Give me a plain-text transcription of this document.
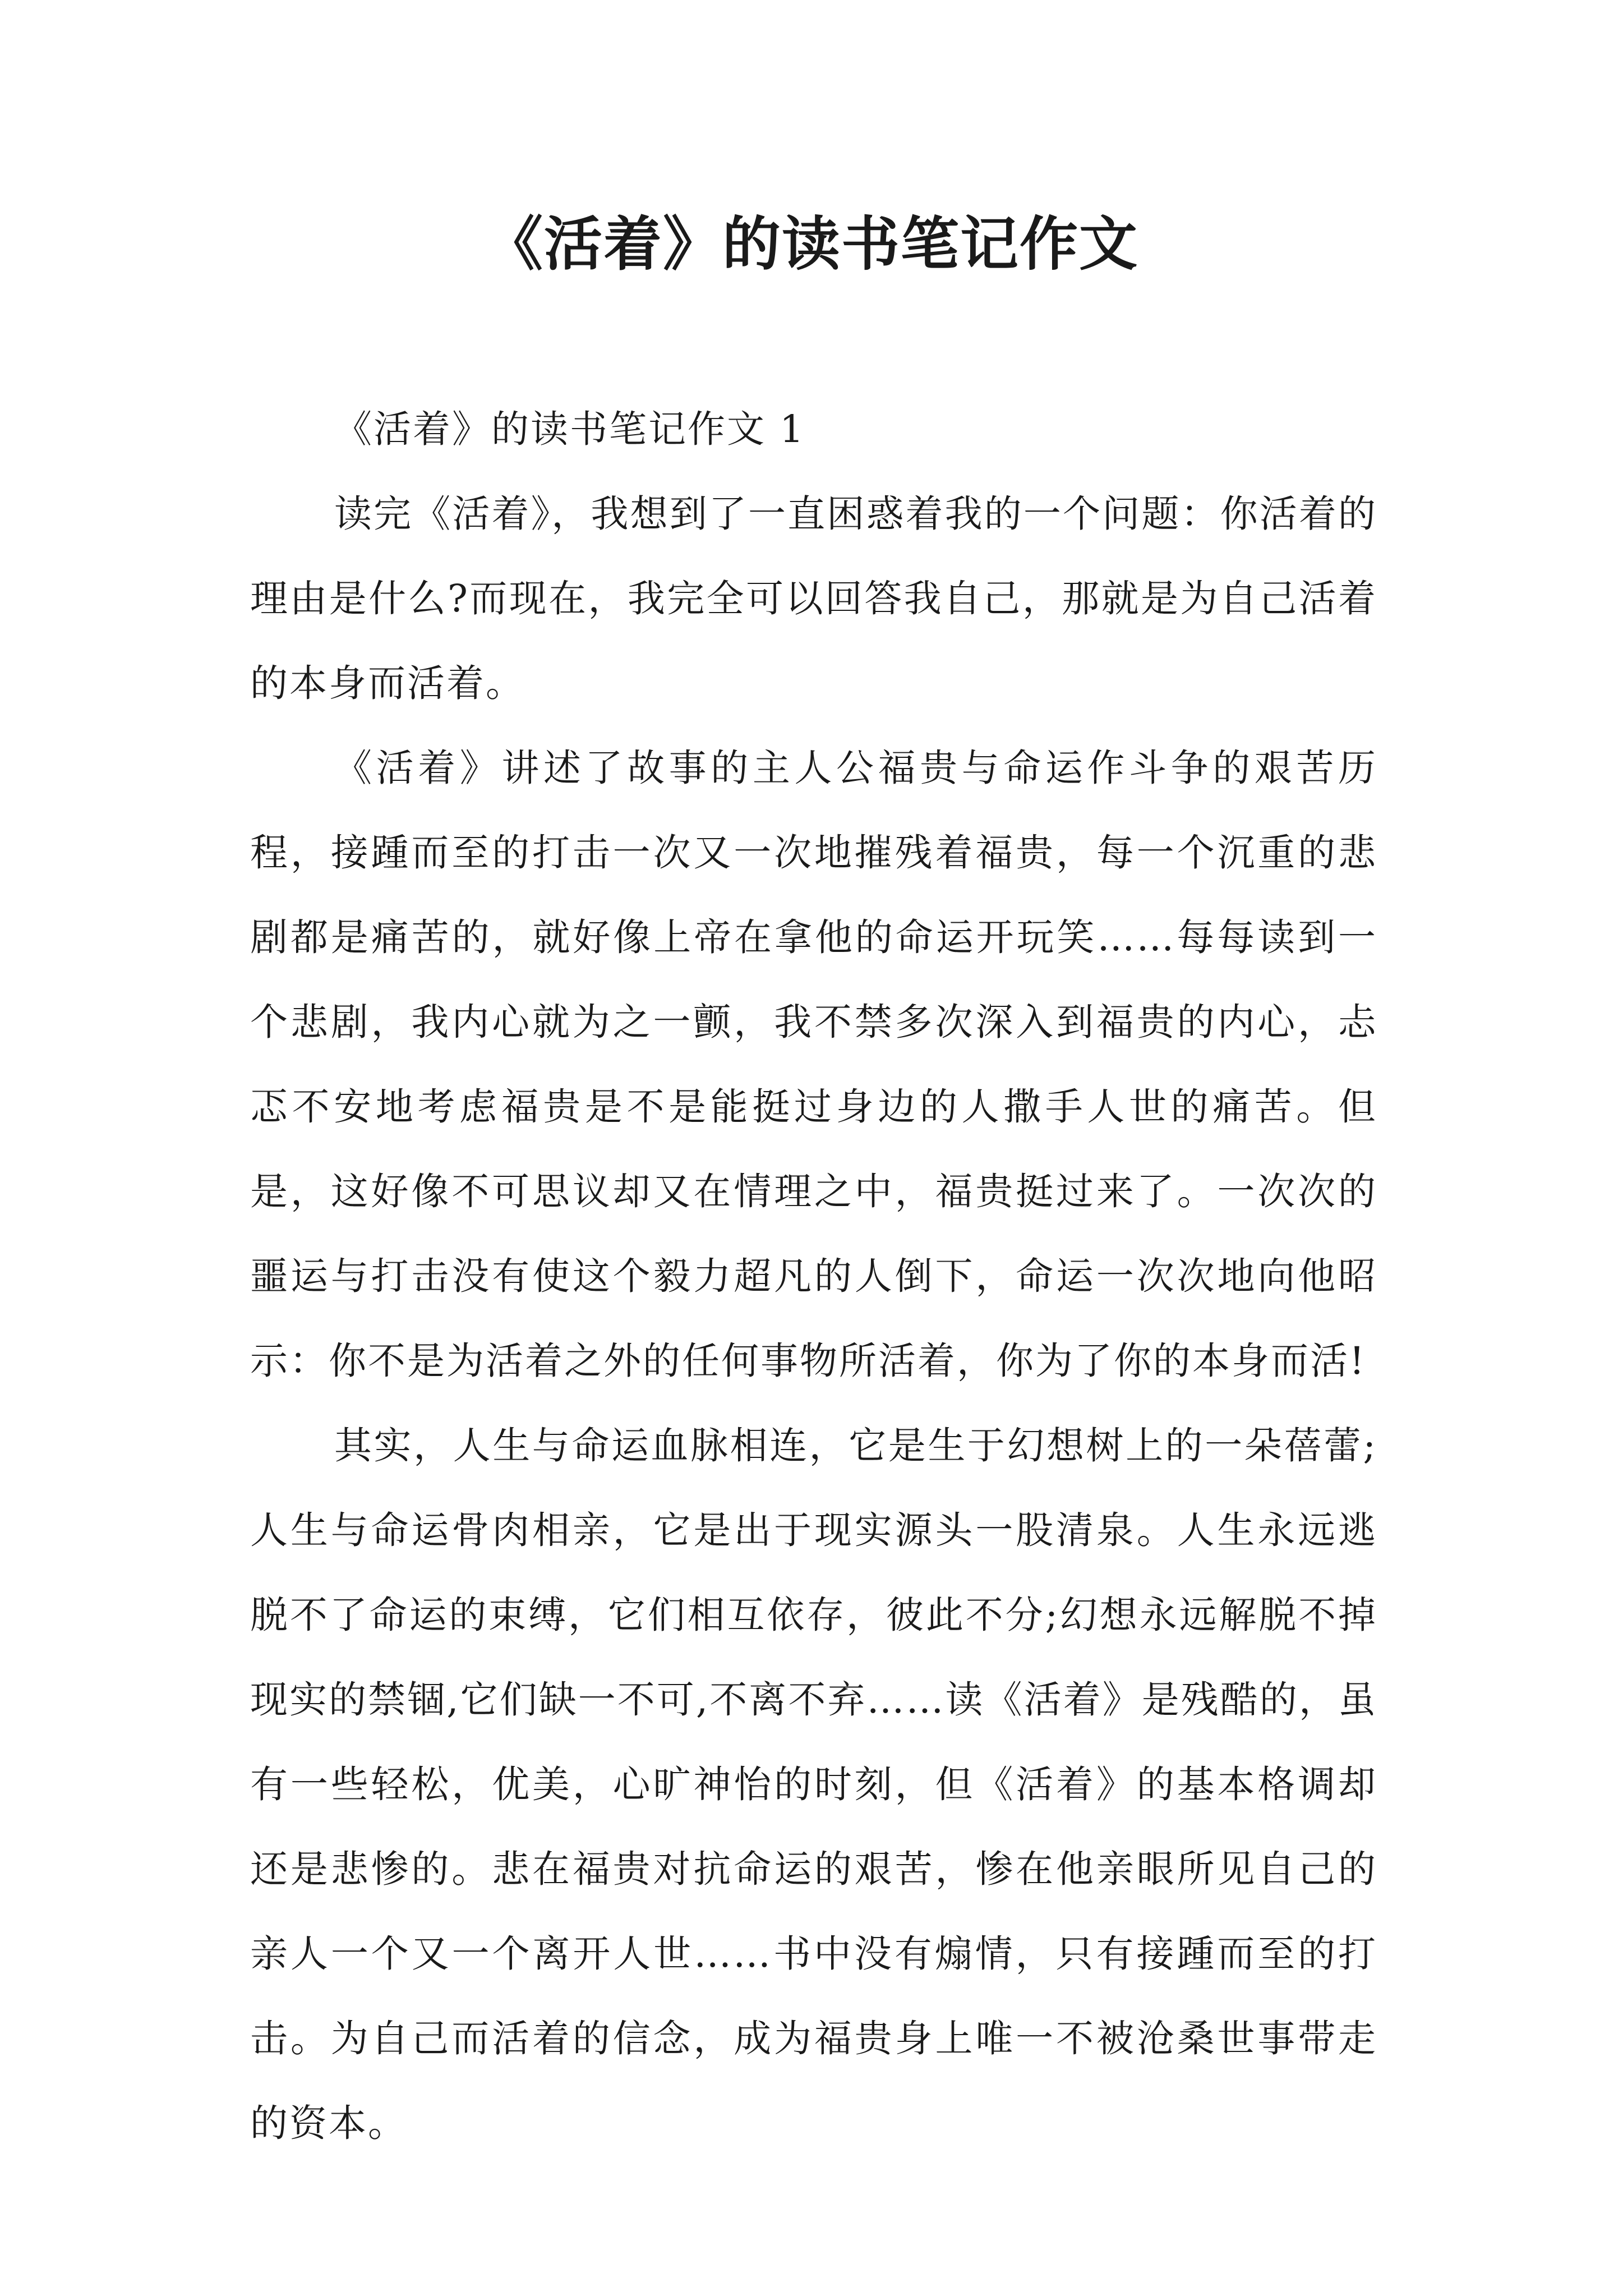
《活着》的读书笔记作文
《活着》的读书笔记作文 1

读完《活着》，我想到了一直困惑着我的一个问题：你活着的理由是什么?而现在，我完全可以回答我自己，那就是为自己活着的本身而活着。

《活着》讲述了故事的主人公福贵与命运作斗争的艰苦历程，接踵而至的打击一次又一次地摧残着福贵，每一个沉重的悲剧都是痛苦的，就好像上帝在拿他的命运开玩笑……每每读到一个悲剧，我内心就为之一颤，我不禁多次深入到福贵的内心，忐忑不安地考虑福贵是不是能挺过身边的人撒手人世的痛苦。但是，这好像不可思议却又在情理之中，福贵挺过来了。一次次的噩运与打击没有使这个毅力超凡的人倒下，命运一次次地向他昭示：你不是为活着之外的任何事物所活着，你为了你的本身而活!

其实，人生与命运血脉相连，它是生于幻想树上的一朵蓓蕾;人生与命运骨肉相亲，它是出于现实源头一股清泉。人生永远逃脱不了命运的束缚，它们相互依存，彼此不分;幻想永远解脱不掉现实的禁锢,它们缺一不可,不离不弃……读《活着》是残酷的，虽有一些轻松，优美，心旷神怡的时刻，但《活着》的基本格调却还是悲惨的。悲在福贵对抗命运的艰苦，惨在他亲眼所见自己的亲人一个又一个离开人世……书中没有煽情，只有接踵而至的打击。为自己而活着的信念，成为福贵身上唯一不被沧桑世事带走的资本。
